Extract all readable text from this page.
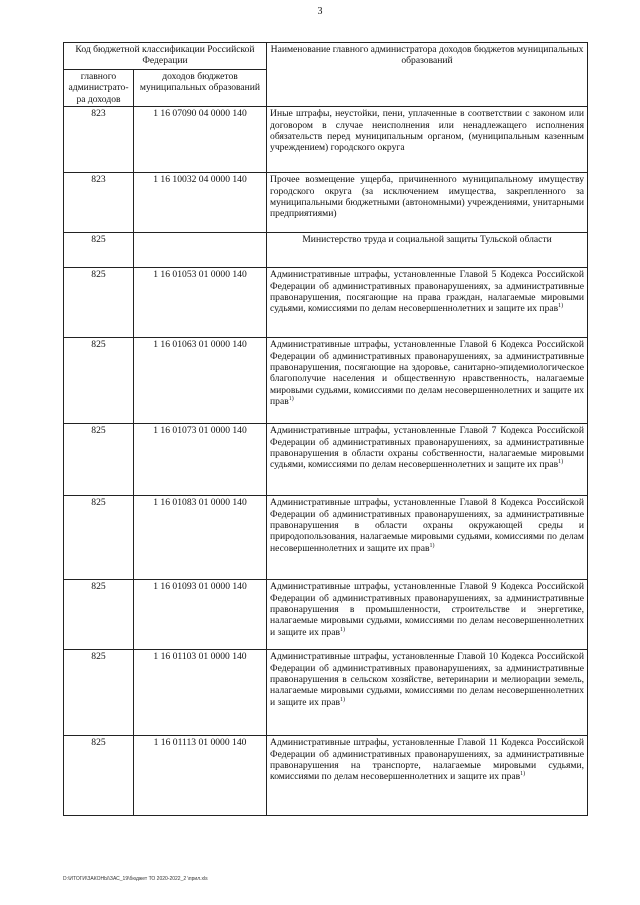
3
Код бюджетной классификации Российской Федерации		Наименование главного администратора доходов бюджетов муниципальных образований
главного администрато-ра доходов	доходов бюджетов муниципальных образований	
823	1 16 07090 04 0000 140	Иные штрафы, неустойки, пени, уплаченные в соответствии с законом или договором в случае неисполнения или ненадлежащего исполнения обязательств перед муниципальным органом, (муниципальным казенным учреждением) городского округа
823	1 16 10032 04 0000 140	Прочее возмещение ущерба, причиненного муниципальному имуществу городского округа (за исключением имущества, закрепленного за муниципальными бюджетными (автономными) учреждениями, унитарными предприятиями)
825		Министерство труда и социальной защиты Тульской области
825	1 16 01053 01 0000 140	Административные штрафы, установленные Главой 5 Кодекса Российской Федерации об административных правонарушениях, за административные правонарушения, посягающие на права граждан, налагаемые мировыми судьями, комиссиями по делам несовершеннолетних и защите их прав$^{1)}$
825	1 16 01063 01 0000 140	Административные штрафы, установленные Главой 6 Кодекса Российской Федерации об административных правонарушениях, за административные правонарушения, посягающие на здоровье, санитарно-эпидемиологическое благополучие населения и общественную нравственность, налагаемые мировыми судьями, комиссиями по делам несовершеннолетних и защите их прав$^{1)}$
825	1 16 01073 01 0000 140	Административные штрафы, установленные Главой 7 Кодекса Российской Федерации об административных правонарушениях, за административные правонарушения в области охраны собственности, налагаемые мировыми судьями, комиссиями по делам несовершеннолетних и защите их прав$^{1)}$
825	1 16 01083 01 0000 140	Административные штрафы, установленные Главой 8 Кодекса Российской Федерации об административных правонарушениях, за административные правонарушения в области охраны окружающей среды и природопользования, налагаемые мировыми судьями, комиссиями по делам несовершеннолетних и защите их прав$^{1)}$
825	1 16 01093 01 0000 140	Административные штрафы, установленные Главой 9 Кодекса Российской Федерации об административных правонарушениях, за административные правонарушения в промышленности, строительстве и энергетике, налагаемые мировыми судьями, комиссиями по делам несовершеннолетних и защите их прав$^{1)}$
825	1 16 01103 01 0000 140	Административные штрафы, установленные Главой 10 Кодекса Российской Федерации об административных правонарушениях, за административные правонарушения в сельском хозяйстве, ветеринарии и мелиорации земель, налагаемые мировыми судьями, комиссиями по делам несовершеннолетних и защите их прав$^{1)}$
825	1 16 01113 01 0000 140	Административные штрафы, установленные Главой 11 Кодекса Российской Федерации об административных правонарушениях, за административные правонарушения на транспорте, налагаемые мировыми судьями, комиссиями по делам несовершеннолетних и защите их прав$^{1)}$
D:\ИТОГИ\ЗАКОНЫ\ЗАС_19\бюджет ТО 2020-2022_2 \прил.xls
